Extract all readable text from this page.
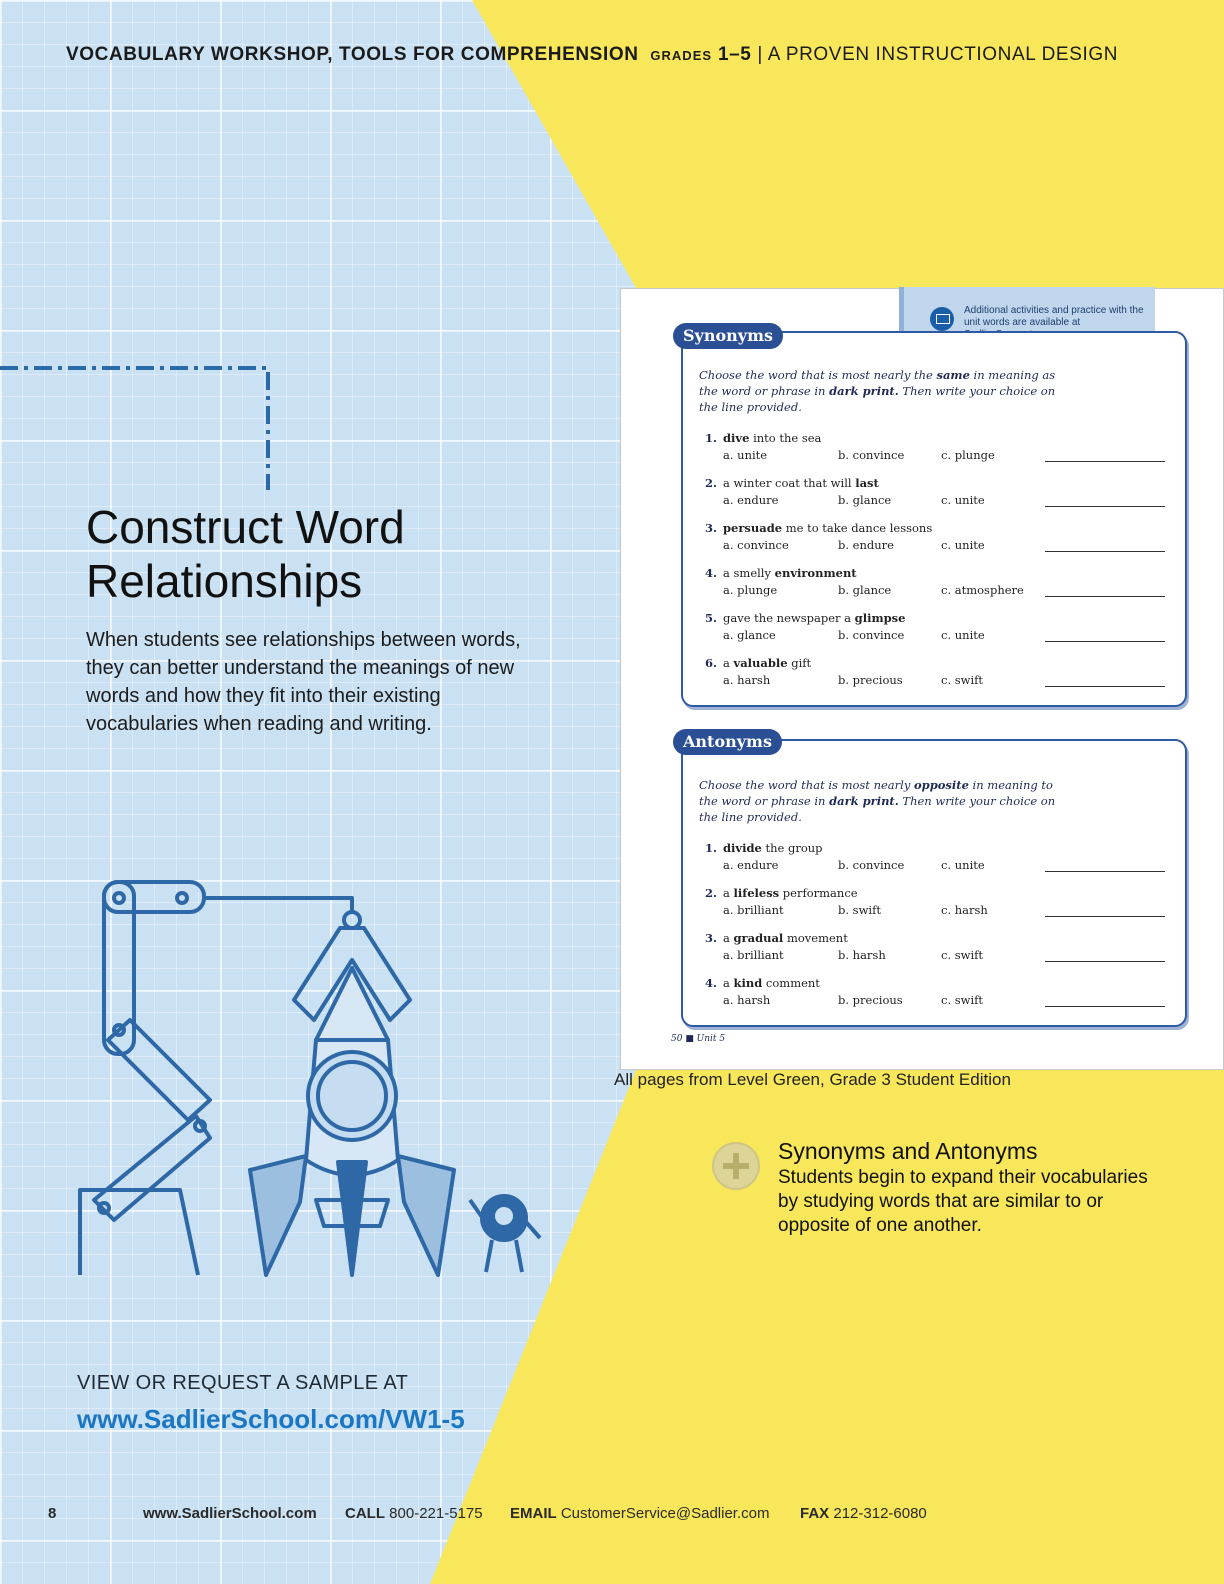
VOCABULARY WORKSHOP, TOOLS FOR COMPREHENSION GRADES 1–5 | A PROVEN INSTRUCTIONAL DESIGN
Construct Word
Relationships
When students see relationships between words, they can better understand the meanings of new words and how they fit into their existing vocabularies when reading and writing.
Additional activities and practice with the unit words are available at
Choose the word that is most nearly the same in meaning as the word or phrase in dark print. Then write your choice on the line provided.
1. dive into the sea
a. unite	b. convince	c. plunge
2. a winter coat that will last
a. endure	b. glance	c. unite
3. persuade me to take dance lessons
a. convince	b. endure	c. unite
4. a smelly environment
a. plunge	b. glance	c. atmosphere
5. gave the newspaper a glimpse
a. glance	b. convince	c. unite
6. a valuable gift
a. harsh	b. precious	c. swift
Synonyms
Choose the word that is most nearly opposite in meaning to the word or phrase in dark print. Then write your choice on the line provided.
1. divide the group
a. endure	b. convince	c. unite
2. a lifeless performance
a. brilliant	b. swift	c. harsh
3. a gradual movement
a. brilliant	b. harsh	c. swift
4. a kind comment
a. harsh	b. precious	c. swift
Antonyms
50 ■ Unit 5
All pages from Level Green, Grade 3 Student Edition
Synonyms and Antonyms
Students begin to expand their vocabularies by studying words that are similar to or opposite of one another.
VIEW OR REQUEST A SAMPLE AT
www.SadlierSchool.com/VW1-5
8	www.SadlierSchool.com CALL 800-221-5175 EMAIL CustomerService@Sadlier.com FAX 212-312-6080
